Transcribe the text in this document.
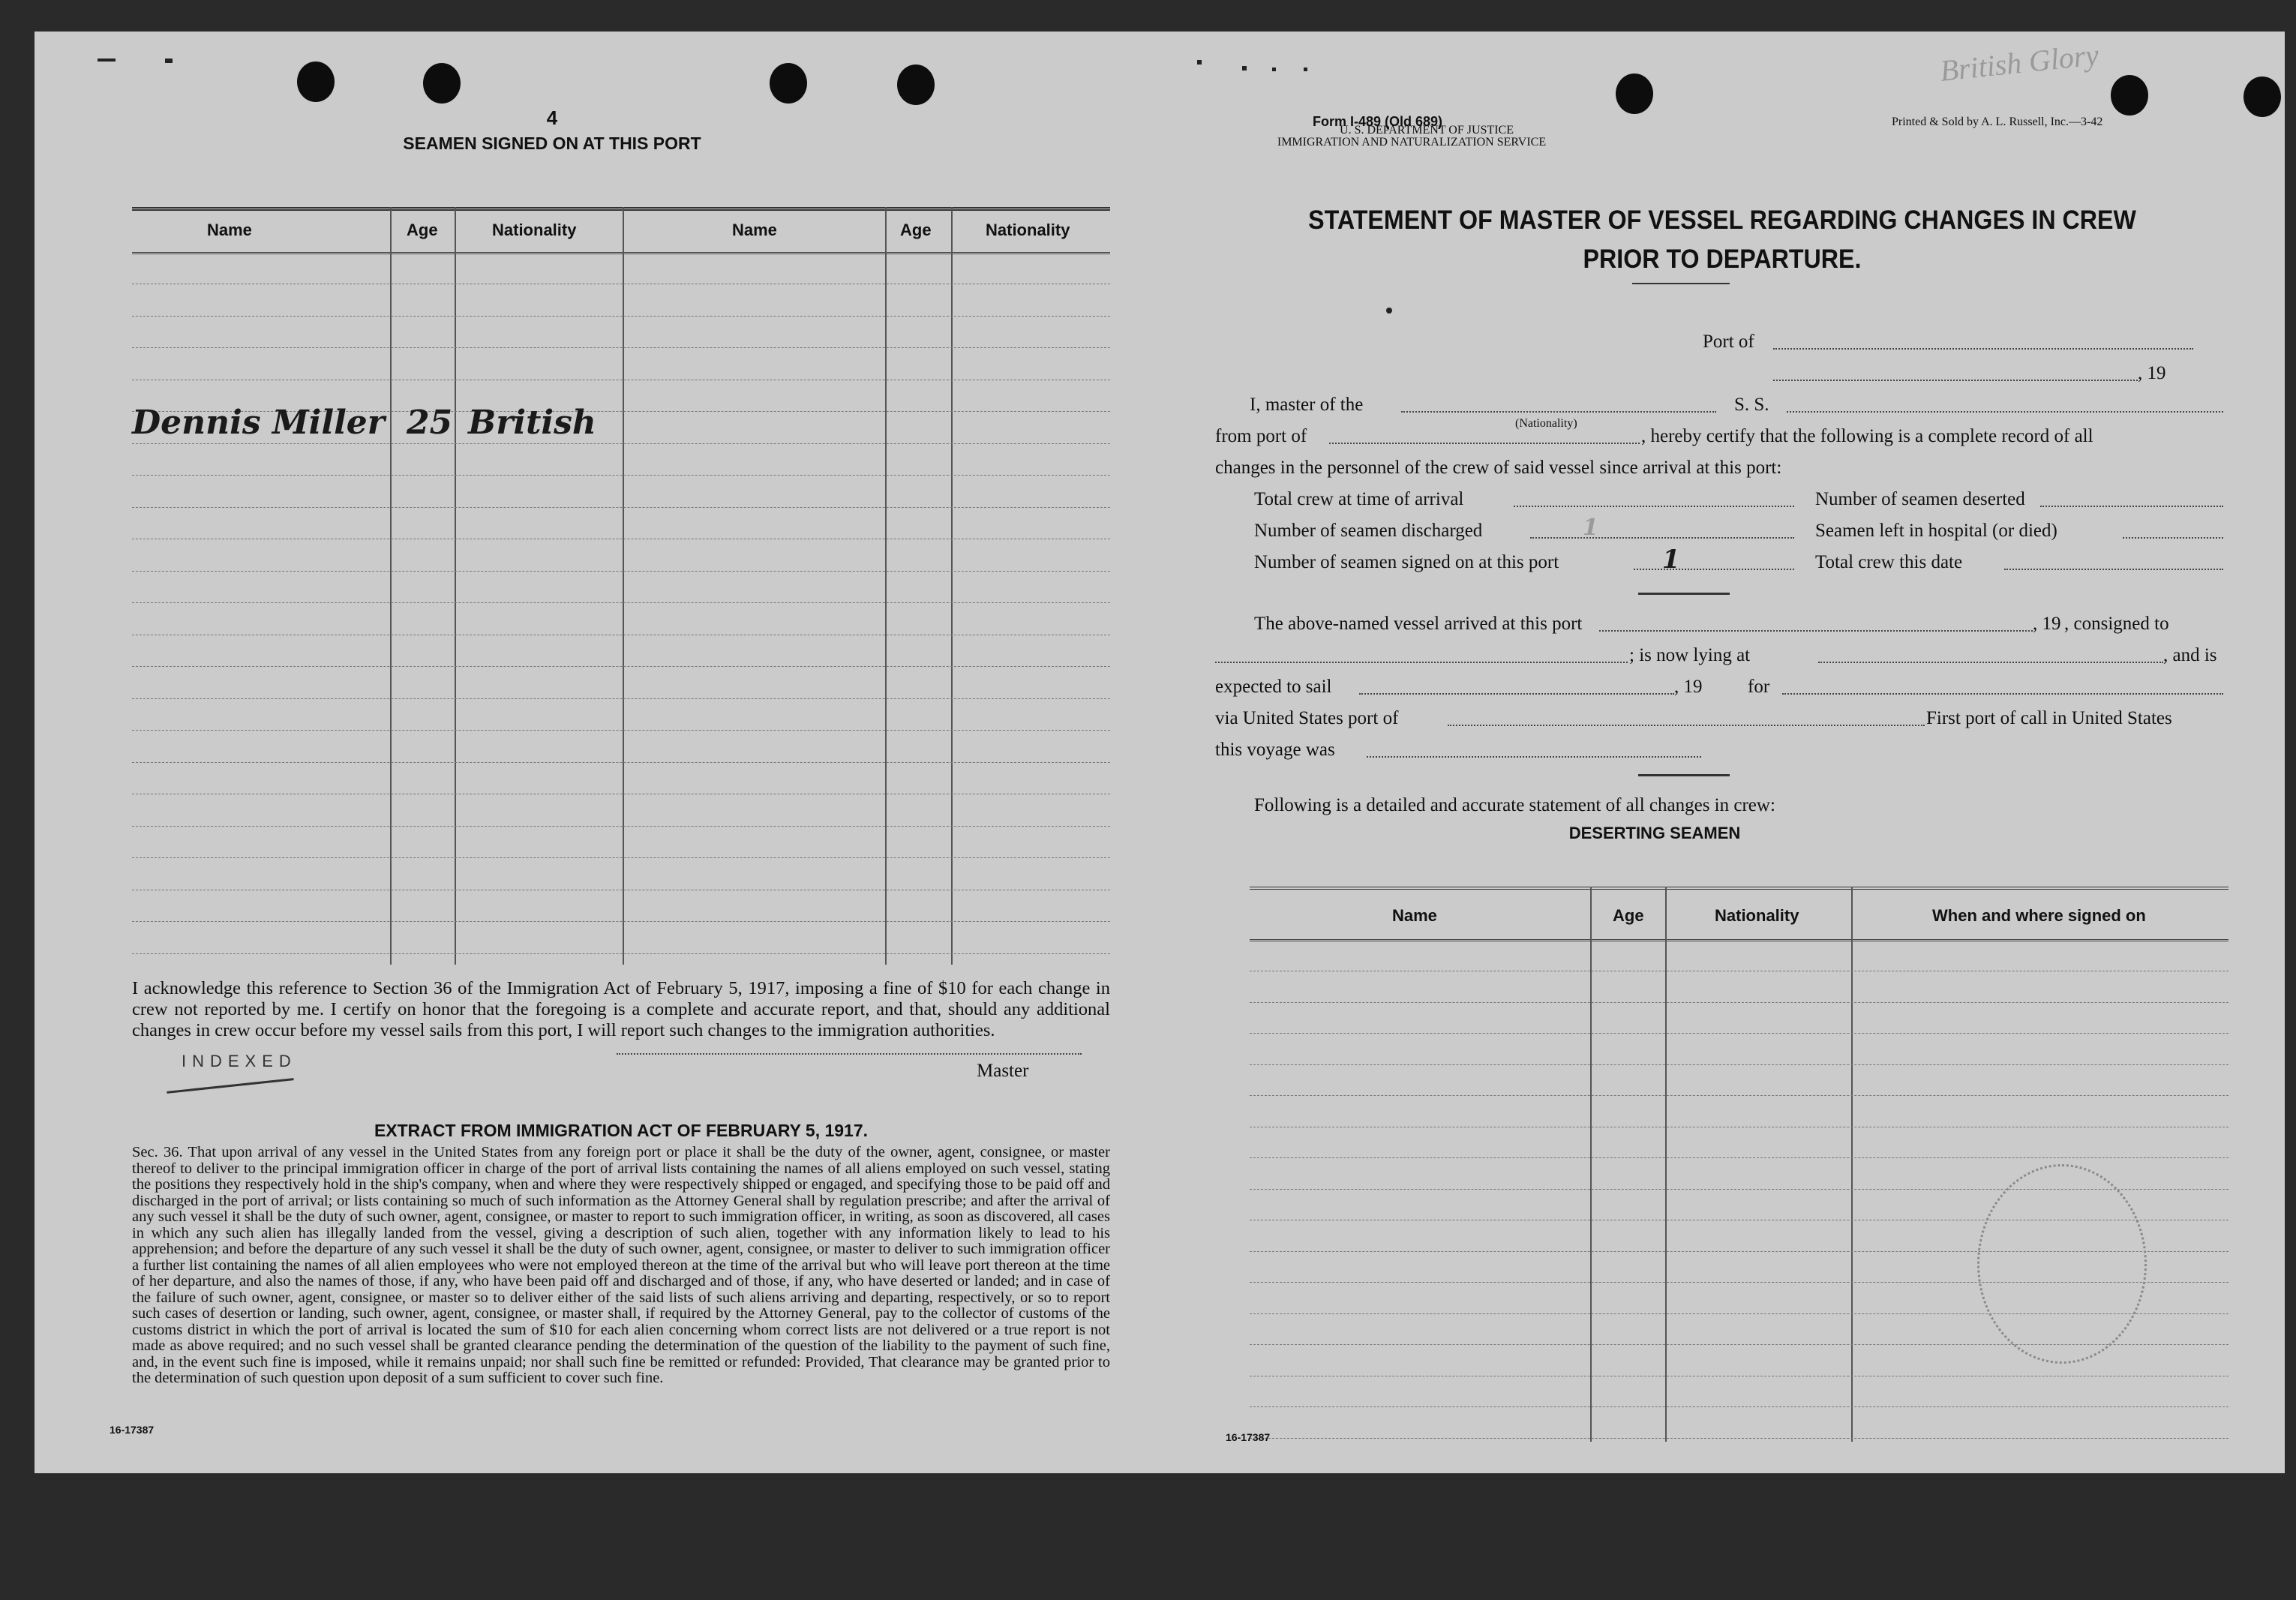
4
SEAMEN SIGNED ON AT THIS PORT
Name	Age	Nationality	Name	Age	Nationality

Dennis Miller 25 British
I acknowledge this reference to Section 36 of the Immigration Act of February 5, 1917, imposing a fine of $10 for each change in crew not reported by me. I certify on honor that the foregoing is a complete and accurate report, and that, should any additional changes in crew occur before my vessel sails from this port, I will report such changes to the immigration authorities.
INDEXED	Master
EXTRACT FROM IMMIGRATION ACT OF FEBRUARY 5, 1917.
Sec. 36. That upon arrival of any vessel in the United States from any foreign port or place it shall be the duty of the owner, agent, consignee, or master thereof to deliver to the principal immigration officer in charge of the port of arrival lists containing the names of all aliens employed on such vessel, stating the positions they respectively hold in the ship's company, when and where they were respectively shipped or engaged, and specifying those to be paid off and discharged in the port of arrival; or lists containing so much of such information as the Attorney General shall by regulation prescribe; and after the arrival of any such vessel it shall be the duty of such owner, agent, consignee, or master to report to such immigration officer, in writing, as soon as discovered, all cases in which any such alien has illegally landed from the vessel, giving a description of such alien, together with any information likely to lead to his apprehension; and before the departure of any such vessel it shall be the duty of such owner, agent, consignee, or master to deliver to such immigration officer a further list containing the names of all alien employees who were not employed thereon at the time of the arrival but who will leave port thereon at the time of her departure, and also the names of those, if any, who have been paid off and discharged and of those, if any, who have deserted or landed; and in case of the failure of such owner, agent, consignee, or master so to deliver either of the said lists of such aliens arriving and departing, respectively, or so to report such cases of desertion or landing, such owner, agent, consignee, or master shall, if required by the Attorney General, pay to the collector of customs of the customs district in which the port of arrival is located the sum of $10 for each alien concerning whom correct lists are not delivered or a true report is not made as above required; and no such vessel shall be granted clearance pending the determination of the question of the liability to the payment of such fine, and, in the event such fine is imposed, while it remains unpaid; nor shall such fine be remitted or refunded: Provided, That clearance may be granted prior to the determination of such question upon deposit of a sum sufficient to cover such fine.
16-17387
Form I-489 (Old 689)
U. S. DEPARTMENT OF JUSTICE
IMMIGRATION AND NATURALIZATION SERVICE
Printed & Sold by A. L. Russell, Inc.—3-42
British Glory
STATEMENT OF MASTER OF VESSEL REGARDING CHANGES IN CREW
PRIOR TO DEPARTURE.
Port of
, 19
I, master of the
(Nationality)
S. S.
from port of	, hereby certify that the following is a complete record of all
changes in the personnel of the crew of said vessel since arrival at this port:
Total crew at time of arrival	Number of seamen deserted
Number of seamen discharged	1	Seamen left in hospital (or died)
Number of seamen signed on at this port	1	Total crew this date
The above-named vessel arrived at this port	, 19 , consigned to
; is now lying at	, and is
expected to sail	, 19 for
via United States port of	First port of call in United States
this voyage was
Following is a detailed and accurate statement of all changes in crew:
DESERTING SEAMEN
Name	Age	Nationality	When and where signed on
16-17387
